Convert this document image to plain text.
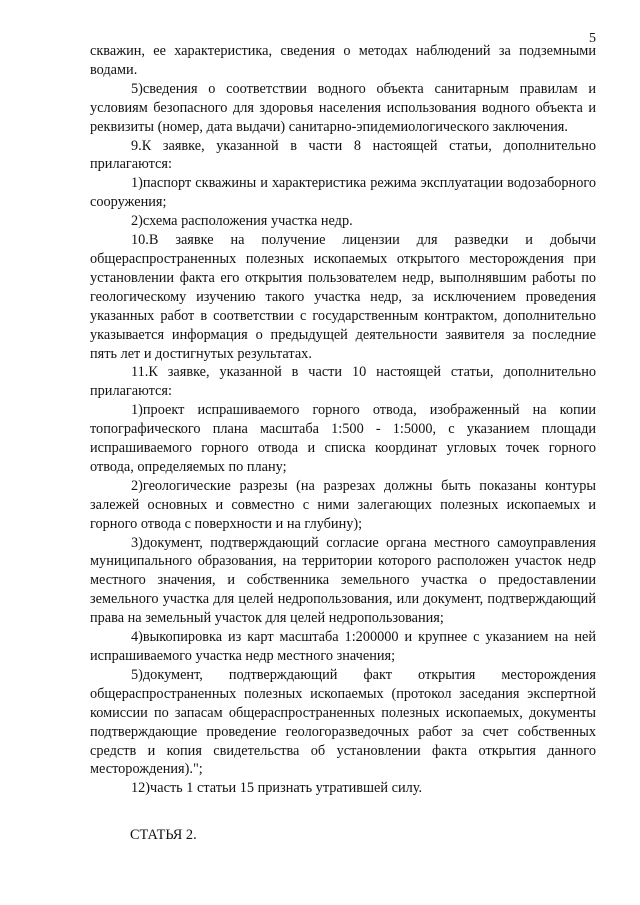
5

скважин, ее характеристика, сведения о методах наблюдений за подземными водами.

5)сведения о соответствии водного объекта санитарным правилам и условиям безопасного для здоровья населения использования водного объекта и реквизиты (номер, дата выдачи) санитарно-эпидемиологического заключения.

9.К заявке, указанной в части 8 настоящей статьи, дополнительно прилагаются:

1)паспорт скважины и характеристика режима эксплуатации водозаборного сооружения;

2)схема расположения участка недр.

10.В заявке на получение лицензии для разведки и добычи общераспространенных полезных ископаемых открытого месторождения при установлении факта его открытия пользователем недр, выполнявшим работы по геологическому изучению такого участка недр, за исключением проведения указанных работ в соответствии с государственным контрактом, дополнительно указывается информация о предыдущей деятельности заявителя за последние пять лет и достигнутых результатах.

11.К заявке, указанной в части 10 настоящей статьи, дополнительно прилагаются:

1)проект испрашиваемого горного отвода, изображенный на копии топографического плана масштаба 1:500 - 1:5000, с указанием площади испрашиваемого горного отвода и списка координат угловых точек горного отвода, определяемых по плану;

2)геологические разрезы (на разрезах должны быть показаны контуры залежей основных и совместно с ними залегающих полезных ископаемых и горного отвода с поверхности и на глубину);

3)документ, подтверждающий согласие органа местного самоуправления муниципального образования, на территории которого расположен участок недр местного значения, и собственника земельного участка о предоставлении земельного участка для целей недропользования, или документ, подтверждающий права на земельный участок для целей недропользования;

4)выкопировка из карт масштаба 1:200000 и крупнее с указанием на ней испрашиваемого участка недр местного значения;

5)документ, подтверждающий факт открытия месторождения общераспространенных полезных ископаемых (протокол заседания экспертной комиссии по запасам общераспространенных полезных ископаемых, документы подтверждающие проведение геологоразведочных работ за счет собственных средств и копия свидетельства об установлении факта открытия данного месторождения).";

12)часть 1 статьи 15 признать утратившей силу.

СТАТЬЯ 2.
